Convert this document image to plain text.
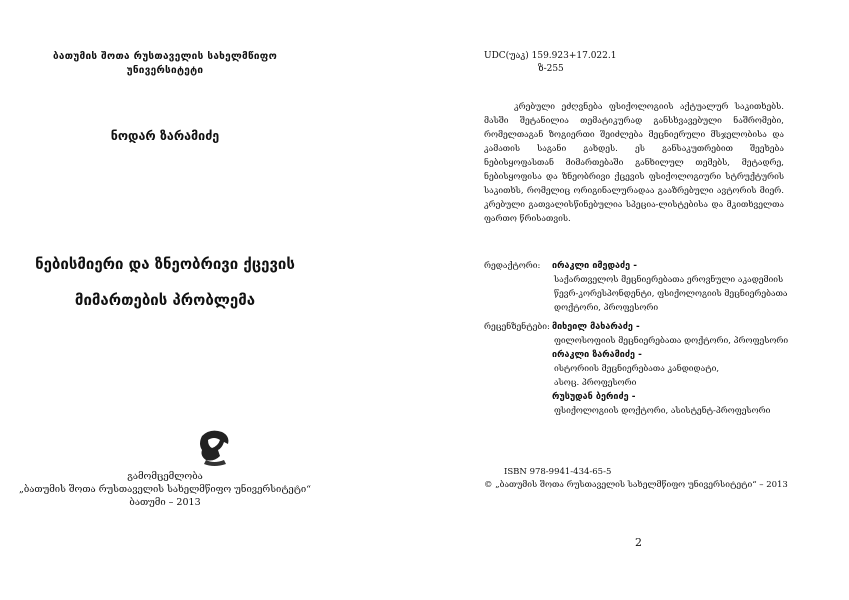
ბათუმის შოთა რუსთაველის სახელმწიფო
უნივერსიტეტი
ნოდარ ზარამიძე
ნებისმიერი და ზნეობრივი ქცევის
მიმართების პრობლემა
გამომცემლობა
„ბათუმის შოთა რუსთაველის სახელმწიფო უნივერსიტეტი“
ბათუმი – 2013
UDC(უაკ) 159.923+17.022.1
ზ-255
კრებული ეძღვნება ფსიქოლოგიის აქტუალურ საკითხებს. მასში შეტანილია თემატიკურად განსხვავებული ნაშრომები, რომელთაგან ზოგიერთი შეიძლება მეცნიერული მსჯელობისა და კამათის საგანი გახდეს. ეს განსაკუთრებით შეეხება ნებისყოფასთან მიმართებაში განხილულ თემებს, მეტადრე, ნებისყოფისა და ზნეობრივი ქცევის ფსიქოლოგიური სტრუქტურის საკითხს, რომელიც ორიგინალურადაა გააზრებული ავტორის მიერ. კრებული გათვალისწინებულია სპეცია-ლისტებისა და მკითხველთა ფართო წრისათვის.
რედაქტორი:	ირაკლი იმედაძე -
საქართველოს მეცნიერებათა ეროვნული აკადემიის
წევრ-კორესპონდენტი, ფსიქოლოგიის მეცნიერებათა
დოქტორი, პროფესორი
რეცენზენტები: მიხეილ მახარაძე -
ფილოსოფიის მეცნიერებათა დოქტორი, პროფესორი
ირაკლი ზარამიძე -
ისტორიის მეცნიერებათა კანდიდატი,
ასოც. პროფესორი
რუსუდან ბერიძე -
ფსიქოლოგიის დოქტორი, ასისტენტ-პროფესორი
ISBN 978-9941-434-65-5
© „ბათუმის შოთა რუსთაველის სახელმწიფო უნივერსიტეტი“ – 2013
2
